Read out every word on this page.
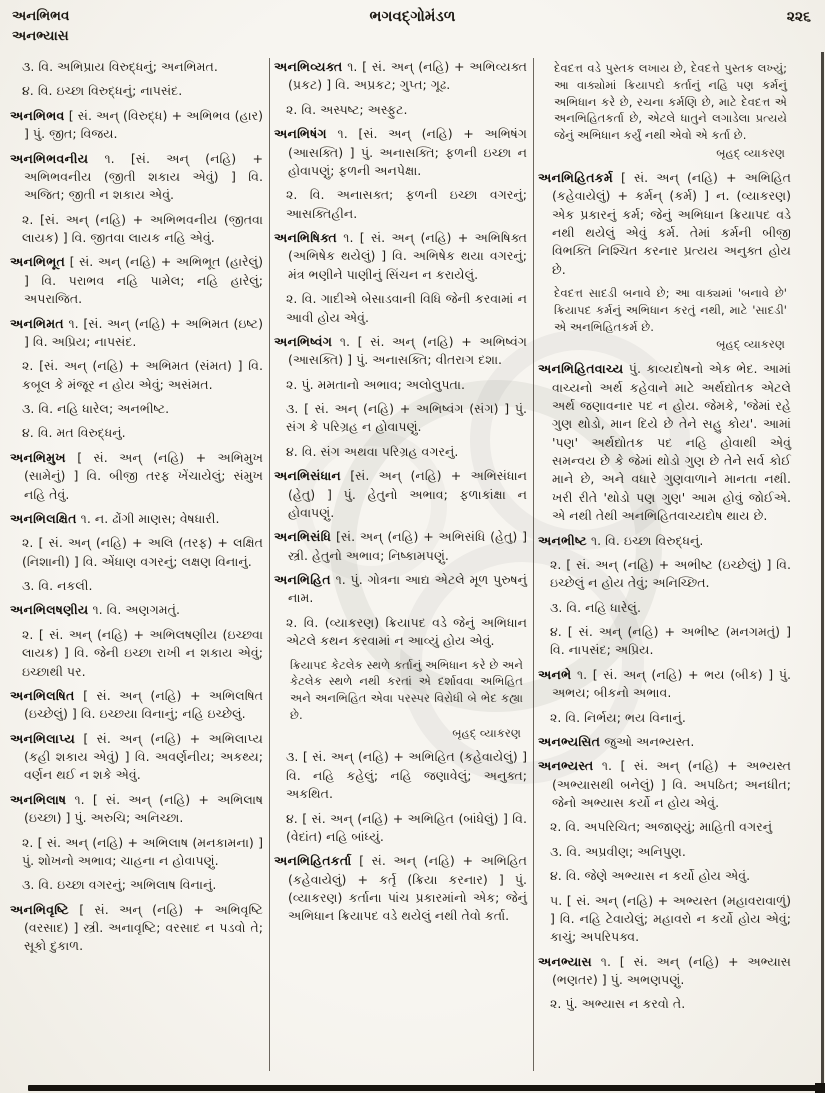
અનભિભવ
અનભ્યાસ
ભગવદ્ગોમંડળ	૨૨૬

૩. વિ. અભિપ્રાય વિરુદ્ધનું; અનભિમત.

૪. વિ. ઇચ્છા વિરુદ્ધનું; નાપસંદ.

અનભિભવ [ સં. અન્ (વિરુદ્ધ) + અભિભવ (હાર) ] પું. જીત; વિજય.

અનભિભવનીય ૧. [સં. અન્ (નહિ) + અભિભવનીય (જીતી શકાય એવું) ] વિ. અજિત; જીતી ન શકાય એવું.

૨. [સં. અન્ (નહિ) + અભિભવનીય (જીતવા લાયક) ] વિ. જીતવા લાયક નહિ એવું.

અનભિભૂત [ સં. અન્ (નહિ) + અભિભૂત (હારેલું) ] વિ. પરાભવ નહિ પામેલ; નહિ હારેલું; અપરાજિત.

અનભિમત ૧. [સં. અન્ (નહિ) + અભિમત (ઇષ્ટ) ] વિ. અપ્રિય; નાપસંદ.

૨. [સં. અન્ (નહિ) + અભિમત (સંમત) ] વિ. કબૂલ કે મંજૂર ન હોય એવું; અસંમત.

૩. વિ. નહિ ધારેલ; અનભીષ્ટ.

૪. વિ. મત વિરુદ્ધનું.

અનભિમુખ [ સં. અન્ (નહિ) + અભિમુખ (સામેનું) ] વિ. બીજી તરફ ખેંચાયેલું; સંમુખ નહિ તેવું.

અનભિલક્ષિત ૧. ન. ઢોંગી માણસ; વેષધારી.

૨. [ સં. અન્ (નહિ) + અલિ (તરફ) + લક્ષિત (નિશાની) ] વિ. એંધાણ વગરનું; લક્ષણ વિનાનું.

૩. વિ. નકલી.

અનભિલષણીય ૧. વિ. અણગમતું.

૨. [ સં. અન્ (નહિ) + અભિલષણીય (ઇચ્છવા લાયક) ] વિ. જેની ઇચ્છા રાખી ન શકાય એવું; ઇચ્છાથી પર.

અનભિલષિત [ સં. અન્ (નહિ) + અભિલષિત (ઇચ્છેલું) ] વિ. ઇચ્છયા વિનાનું; નહિ ઇચ્છેલું.

અનભિલાપ્ય [ સં. અન્ (નહિ) + અભિલાપ્ય (કહી શકાય એવું) ] વિ. અવર્ણનીય; અકથ્ય; વર્ણન થઈ ન શકે એવું.

અનભિલાષ ૧. [ સં. અન્ (નહિ) + અભિલાષ (ઇચ્છા) ] પું. અરુચિ; અનિચ્છા.

૨. [ સં. અન્ (નહિ) + અભિલાષ (મનકામના) ] પું. શોખનો અભાવ; ચાહના ન હોવાપણું.

૩. વિ. ઇચ્છા વગરનું; અભિલાષ વિનાનું.

અનભિવૃષ્ટિ [ સં. અન્ (નહિ) + અભિવૃષ્ટિ (વરસાદ) ] સ્ત્રી. અનાવૃષ્ટિ; વરસાદ ન પડવો તે; સૂકો દુકાળ.

અનભિવ્યક્ત ૧. [ સં. અન્ (નહિ) + અભિવ્યક્ત (પ્રકટ) ] વિ. અપ્રકટ; ગુપ્ત; ગૂઢ.

૨. વિ. અસ્પષ્ટ; અસ્ફુટ.

અનભિષંગ ૧. [સં. અન્ (નહિ) + અભિષંગ (આસક્તિ) ] પું. અનાસક્તિ; ફળની ઇચ્છા ન હોવાપણું; ફળની અનપેક્ષા.

૨. વિ. અનાસક્ત; ફળની ઇચ્છા વગરનું; આસક્તિહીન.

અનભિષિક્ત ૧. [ સં. અન્ (નહિ) + અભિષિક્ત (અભિષેક થયેલું) ] વિ. અભિષેક થયા વગરનું; મંત્ર ભણીને પાણીનું સિંચન ન કરાયેલું.

૨. વિ. ગાદીએ બેસાડવાની વિધિ જેની કરવામાં ન આવી હોય એવું.

અનભિષ્વંગ ૧. [ સં. અન્ (નહિ) + અભિષ્વંગ (આસક્તિ) ] પું. અનાસક્તિ; વીતરાગ દશા.

૨. પું. મમતાનો અભાવ; અલોલુપતા.

૩. [ સં. અન્ (નહિ) + અભિષ્વંગ (સંગ) ] પું. સંગ કે પરિગ્રહ ન હોવાપણું.

૪. વિ. સંગ અથવા પરિગ્રહ વગરનું.

અનભિસંધાન [સં. અન્ (નહિ) + અભિસંધાન (હેતુ) ] પું. હેતુનો અભાવ; ફળાકાંક્ષા ન હોવાપણું.

અનભિસંધિ [સં. અન્ (નહિ) + અભિસંધિ (હેતુ) ] સ્ત્રી. હેતુનો અભાવ; નિષ્કામપણું.

અનભિહિત ૧. પું. ગોત્રના આદ્ય એટલે મૂળ પુરુષનું નામ.

૨. વિ. (વ્યાકરણ) ક્રિયાપદ વડે જેનું અભિધાન એટલે કથન કરવામાં ન આવ્યું હોય એવું.

ક્રિયાપદ કેટલેક સ્થળે કર્તાનું અભિધાન કરે છે અને કેટલેક સ્થળે નથી કરતાં એ દર્શાવવા અભિહિત અને અનભિહિત એવા પરસ્પર વિરોધી બે ભેદ કહ્યા છે.
બૃહદ્ વ્યાકરણ

૩. [ સં. અન્ (નહિ) + અભિહિત (કહેવાયેલું) ] વિ. નહિ કહેલું; નહિ જણાવેલું; અનુક્ત; અકથિત.

૪. [ સં. અન્ (નહિ) + અભિહિત (બાંધેલું) ] વિ. (વેદાંત) નહિ બાંધ્યું.

અનભિહિતકર્તા [ સં. અન્ (નહિ) + અભિહિત (કહેવાયેલું) + કર્તૃ (ક્રિયા કરનાર) ] પું. (વ્યાકરણ) કર્તાના પાંચ પ્રકારમાંનો એક; જેનું અભિધાન ક્રિયાપદ વડે થયેલું નથી તેવો કર્તા.

દેવદત્ત વડે પુસ્તક લખાય છે, દેવદત્તે પુસ્તક લખ્યું; આ વાક્યોમાં ક્રિયાપદો કર્તાનું નહિ પણ કર્મનું અભિધાન કરે છે, રચના કર્મણિ છે, માટે દેવદત્ત એ અનભિહિતકર્તા છે, એટલે ધાતુને લગાડેલા પ્રત્યયે જેનું અભિધાન કર્યું નથી એવો એ કર્તા છે.
બૃહદ્ વ્યાકરણ

અનભિહિતકર્મ [ સં. અન્ (નહિ) + અભિહિત (કહેવાયેલું) + કર્મન્ (કર્મ) ] ન. (વ્યાકરણ) એક પ્રકારનું કર્મ; જેનું અભિધાન ક્રિયાપદ વડે નથી થયેલું એવું કર્મ. તેમાં કર્મની બીજી વિભક્તિ નિશ્ચિત કરનાર પ્રત્યય અનુક્ત હોય છે.

દેવદત્ત સાદડી બનાવે છે; આ વાક્યમાં 'બનાવે છે' ક્રિયાપદ કર્મનું અભિધાન કરતું નથી, માટે 'સાદડી' એ અનભિહિતકર્મ છે.
બૃહદ્ વ્યાકરણ

અનભિહિતવાચ્ય પું. કાવ્યદોષનો એક ભેદ. આમાં વાચ્યનો અર્થ કહેવાને માટે અર્થદ્યોતક એટલે અર્થ જણાવનાર પદ ન હોય. જેમકે, 'જેમાં રહે ગુણ થોડો, માન દિયે છે તેને સહુ કોય'. આમાં 'પણ' અર્થદ્યોતક પદ નહિ હોવાથી એવું સમન્વય છે કે જેમાં થોડો ગુણ છે તેને સર્વ કોઈ માને છે, અને વધારે ગુણવાળાને માનતા નથી. ખરી રીતે 'થોડો પણ ગુણ' આમ હોવું જોઈએ. એ નથી તેથી અનભિહિતવાચ્યદોષ થાય છે.

અનભીષ્ટ ૧. વિ. ઇચ્છા વિરુદ્ધનું.

૨. [ સં. અન્ (નહિ) + અભીષ્ટ (ઇચ્છેલું) ] વિ. ઇચ્છેલું ન હોય તેવું; અનિચ્છિત.

૩. વિ. નહિ ધારેલું.

૪. [ સં. અન્ (નહિ) + અભીષ્ટ (મનગમતું) ] વિ. નાપસંદ; અપ્રિય.

અનભે ૧. [ સં. અન્ (નહિ) + ભય (બીક) ] પું. અભય; બીકનો અભાવ.

૨. વિ. નિર્ભય; ભય વિનાનું.

અનભ્યસિત જુઓ અનભ્યસ્ત.

અનભ્યસ્ત ૧. [ સં. અન્ (નહિ) + અભ્યસ્ત (અભ્યાસથી બનેલું) ] વિ. અપઠિત; અનધીત; જેનો અભ્યાસ કર્યો ન હોય એવું.

૨. વિ. અપરિચિત; અજાણ્યું; માહિતી વગરનું

૩. વિ. અપ્રવીણ; અનિપુણ.

૪. વિ. જેણે અભ્યાસ ન કર્યો હોય એવું.

૫. [ સં. અન્ (નહિ) + અભ્યસ્ત (મહાવરાવાળું) ] વિ. નહિ ટેવાયેલું; મહાવરો ન કર્યો હોય એવું; કાચું; અપરિપક્વ.

અનભ્યાસ ૧. [ સં. અન્ (નહિ) + અભ્યાસ (ભણતર) ] પું. અભણપણું.

૨. પું. અભ્યાસ ન કરવો તે.
